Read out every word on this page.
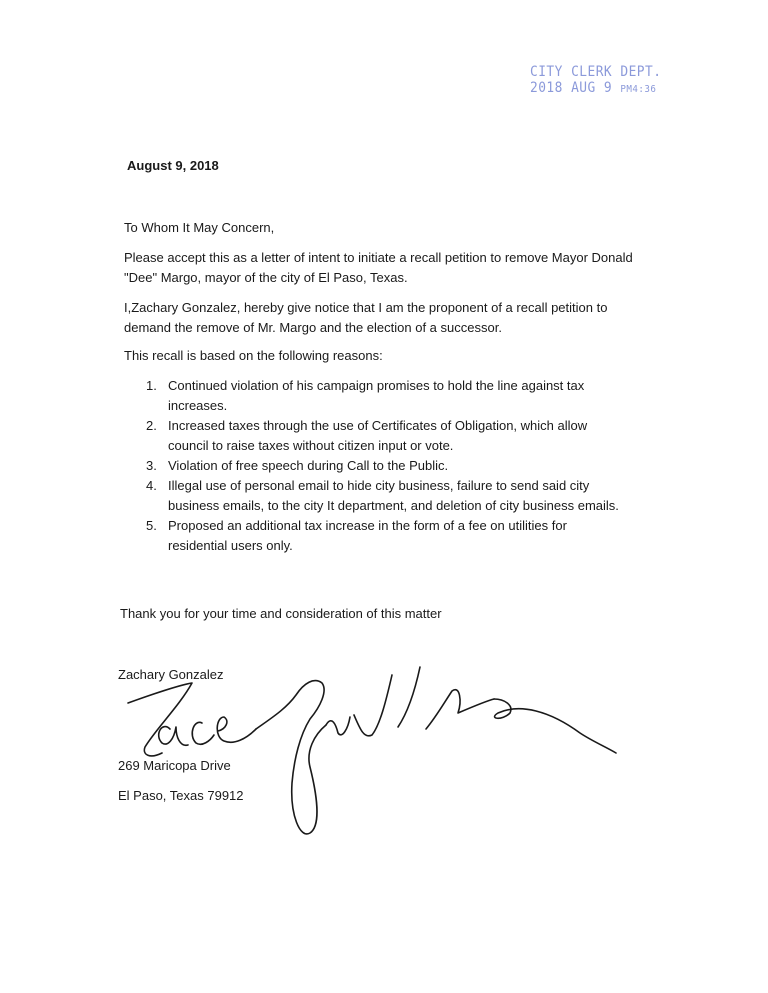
CITY CLERK DEPT.
2018 AUG 9 PM4:36
August 9, 2018
To Whom It May Concern,
Please accept this as a letter of intent to initiate a recall petition to remove Mayor Donald "Dee" Margo, mayor of the city of El Paso, Texas.
I,Zachary Gonzalez, hereby give notice that I am the proponent of a recall petition to demand the remove of Mr. Margo and the election of a successor.
This recall is based on the following reasons:
1. Continued violation of his campaign promises to hold the line against tax increases.
2. Increased taxes through the use of Certificates of Obligation, which allow council to raise taxes without citizen input or vote.
3. Violation of free speech during Call to the Public.
4. Illegal use of personal email to hide city business, failure to send said city business emails, to the city It department, and deletion of city business emails.
5. Proposed an additional tax increase in the form of a fee on utilities for residential users only.
Thank you for your time and consideration of this matter
Zachary Gonzalez
269 Maricopa Drive
El Paso, Texas 79912
